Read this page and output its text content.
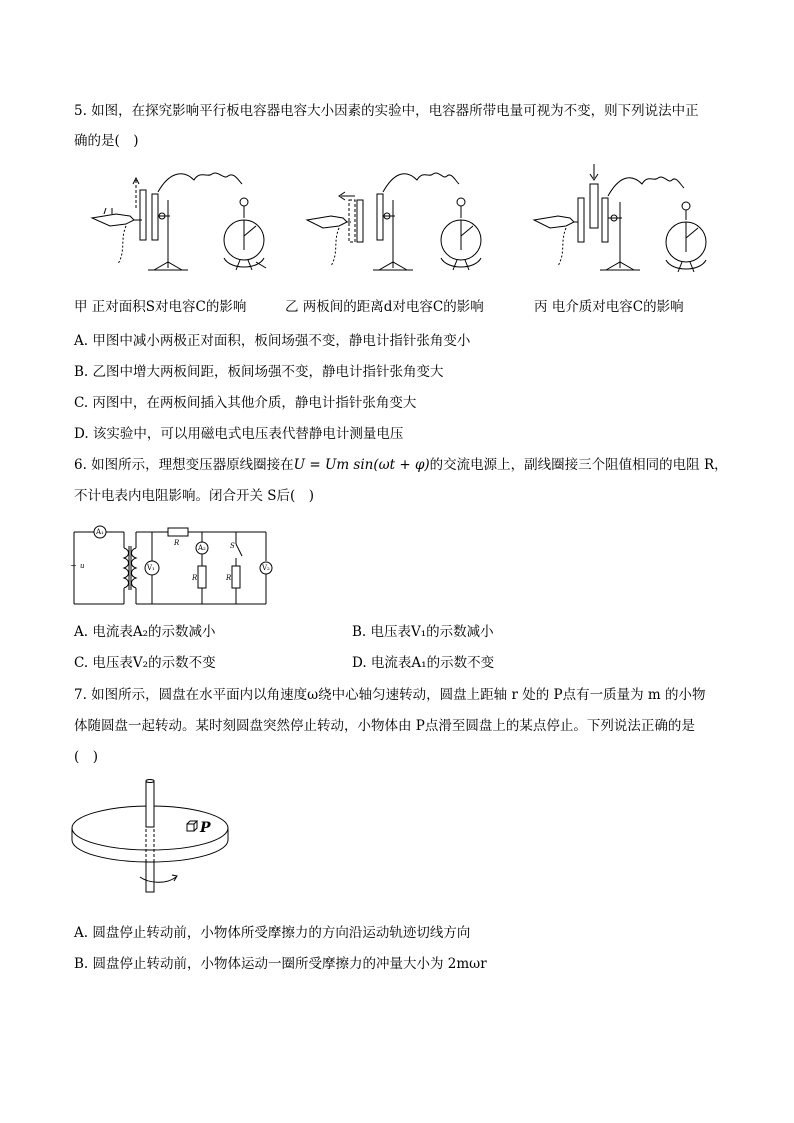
5. 如图，在探究影响平行板电容器电容大小因素的实验中，电容器所带电量可视为不变，则下列说法中正
确的是(　)
甲 正对面积S对电容C的影响	乙 两板间的距离d对电容C的影响	丙 电介质对电容C的影响
A. 甲图中减小两极正对面积，板间场强不变，静电计指针张角变小
B. 乙图中增大两板间距，板间场强不变，静电计指针张角变大
C. 丙图中，在两板间插入其他介质，静电计指针张角变大
D. 该实验中，可以用磁电式电压表代替静电计测量电压
6. 如图所示，理想变压器原线圈接在U = Um sin(ωt + φ)的交流电源上，副线圈接三个阻值相同的电阻 R，
不计电表内电阻影响。闭合开关 S后(　)
A₁
V₁
A₂
V₂
R
R	R
S
~ u
A. 电流表A₂的示数减小	B. 电压表V₁的示数减小
C. 电压表V₂的示数不变	D. 电流表A₁的示数不变
7. 如图所示，圆盘在水平面内以角速度ω绕中心轴匀速转动，圆盘上距轴 r 处的 P点有一质量为 m 的小物
体随圆盘一起转动。某时刻圆盘突然停止转动，小物体由 P点滑至圆盘上的某点停止。下列说法正确的是
(　)
P
A. 圆盘停止转动前，小物体所受摩擦力的方向沿运动轨迹切线方向
B. 圆盘停止转动前，小物体运动一圈所受摩擦力的冲量大小为 2mωr
